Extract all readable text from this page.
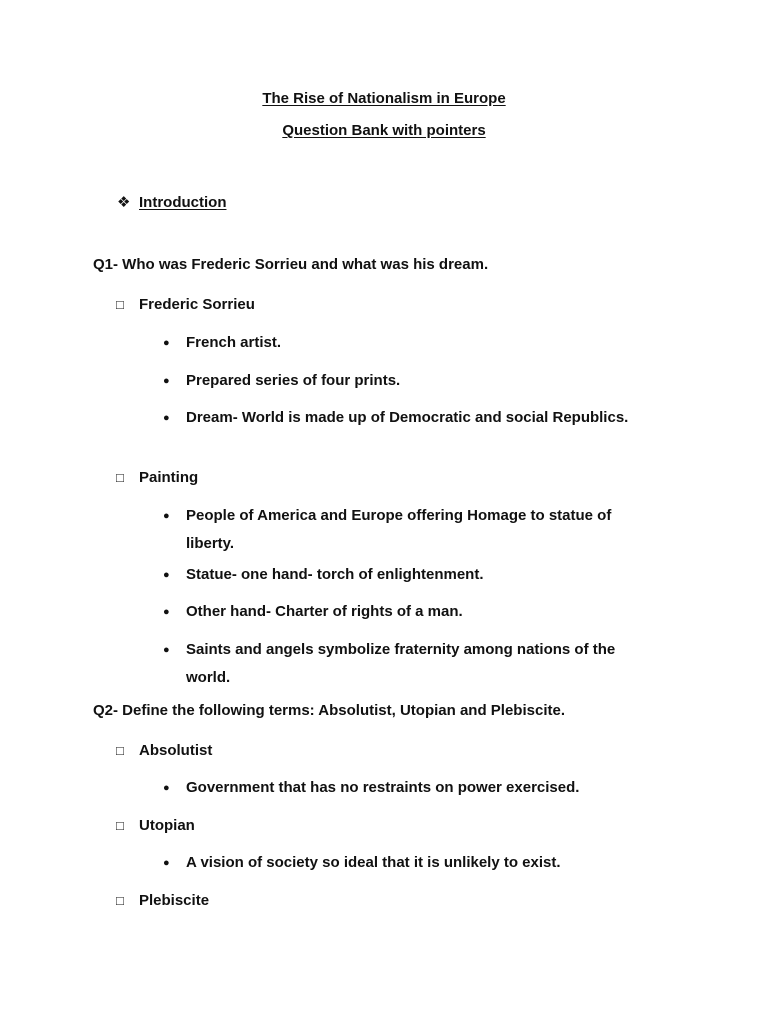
The Rise of Nationalism in Europe
Question Bank with pointers
❖ Introduction
Q1- Who was Frederic Sorrieu and what was his dream.
□ Frederic Sorrieu
● French artist.
● Prepared series of four prints.
● Dream- World is made up of Democratic and social Republics.
□ Painting
● People of America and Europe offering Homage to statue of
liberty.
● Statue- one hand- torch of enlightenment.
● Other hand- Charter of rights of a man.
● Saints and angels symbolize fraternity among nations of the
world.
Q2- Define the following terms: Absolutist, Utopian and Plebiscite.
□ Absolutist
● Government that has no restraints on power exercised.
□ Utopian
● A vision of society so ideal that it is unlikely to exist.
□ Plebiscite
